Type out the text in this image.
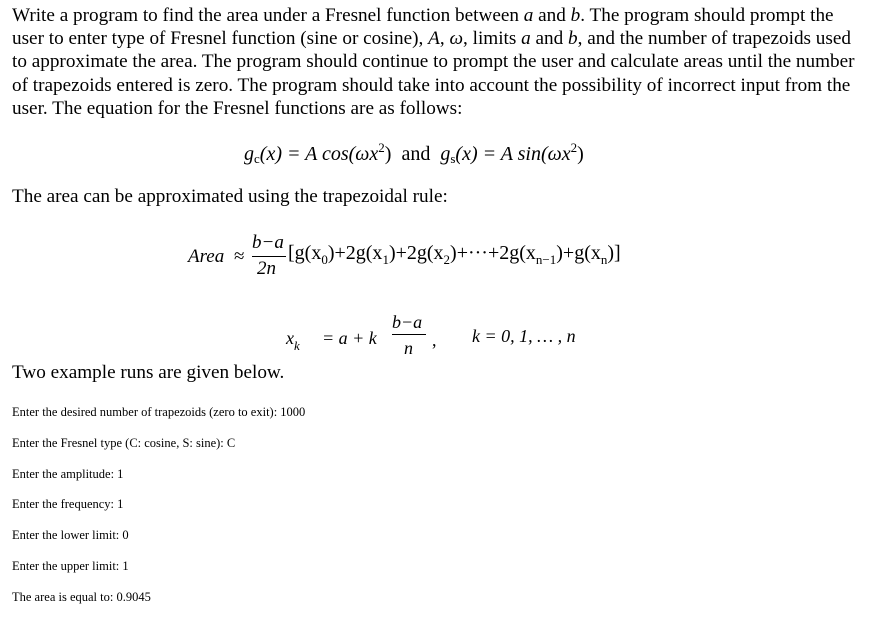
Write a program to find the area under a Fresnel function between a and b. The program should prompt the user to enter type of Fresnel function (sine or cosine), A, ω, limits a and b, and the number of trapezoids used to approximate the area. The program should continue to prompt the user and calculate areas until the number of trapezoids entered is zero. The program should take into account the possibility of incorrect input from the user. The equation for the Fresnel functions are as follows:

$g_c(x) = A$ $\cos(\omega x^2)$ and $g_s(x) = A$ $\sin(\omega x^2)$

The area can be approximated using the trapezoidal rule:

Area ≈
b−a
2n
$[g(x_0)+2g(x_1)+2g(x_2)+\cdot\cdot\cdot+2g(x_{n-1})+g(x_n)]$
$x_k = a + k$
b−a
n , k = 0, 1, … , n

Two example runs are given below.

Enter the desired number of trapezoids (zero to exit): 1000
Enter the Fresnel type (C: cosine, S: sine): C
Enter the amplitude: 1
Enter the frequency: 1
Enter the lower limit: 0
Enter the upper limit: 1
The area is equal to: 0.9045
